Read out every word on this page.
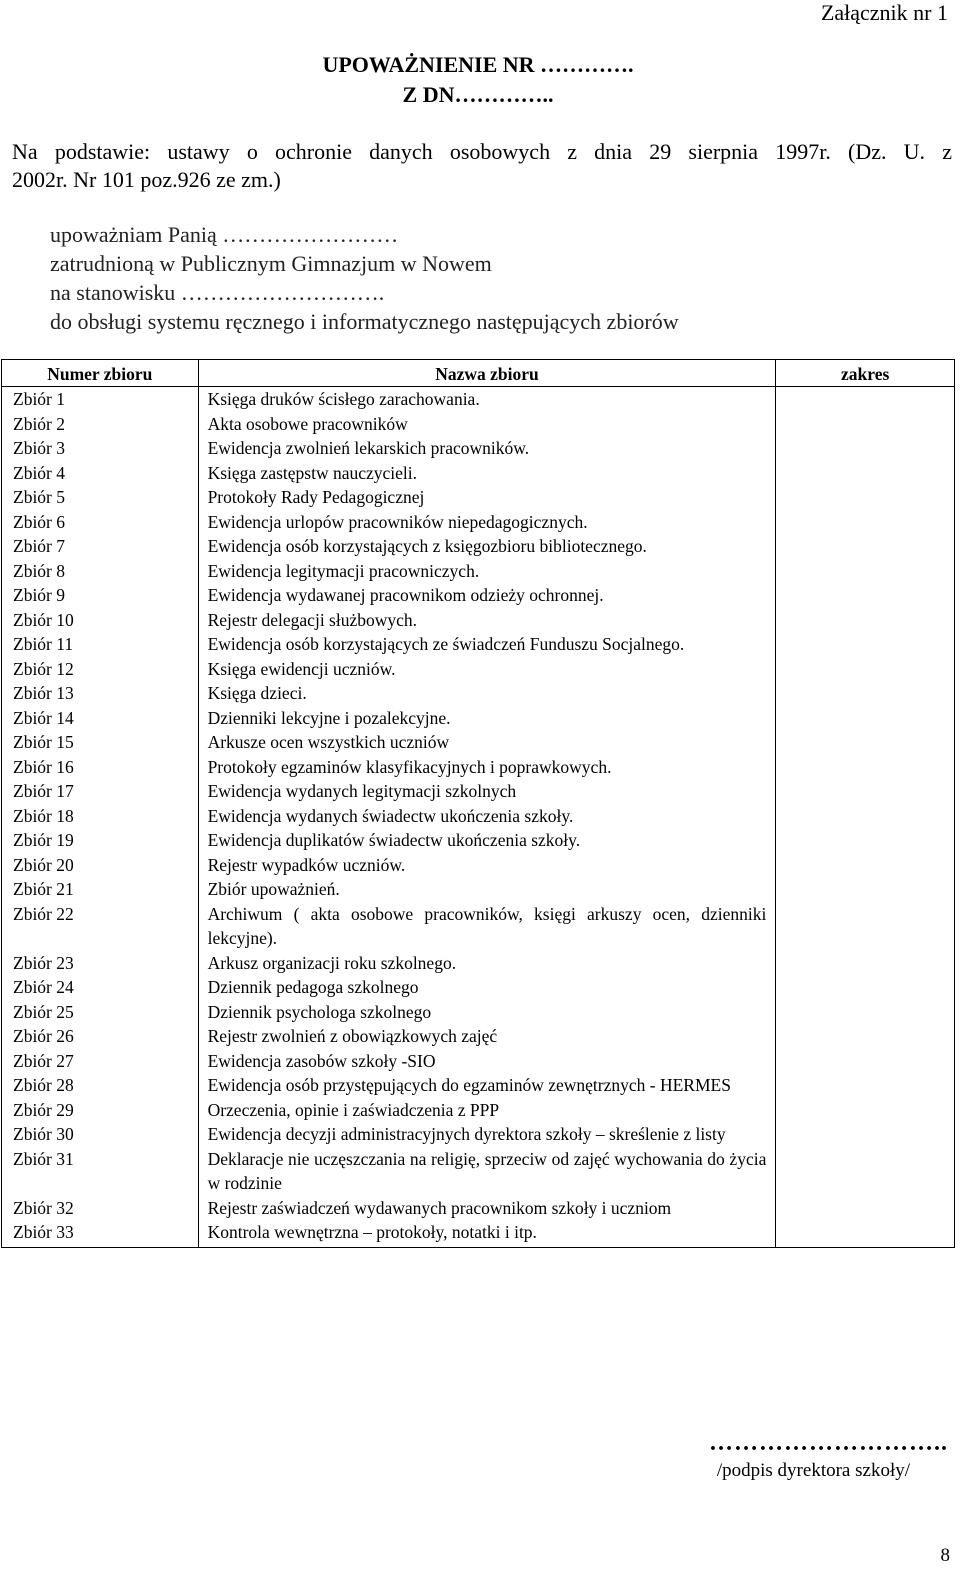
Załącznik nr 1
UPOWAŻNIENIE NR ………….
Z DN…………..
Na podstawie: ustawy o ochronie danych osobowych z dnia 29 sierpnia 1997r. (Dz. U. z
2002r. Nr 101 poz.926 ze zm.)
upoważniam Panią ……………………
zatrudnioną w Publicznym Gimnazjum w Nowem
na stanowisku ……………………….
do obsługi systemu ręcznego i informatycznego następujących zbiorów
Numer zbioru	Nazwa zbioru	zakres
Zbiór 1	Księga druków ścisłego zarachowania.	
Zbiór 2	Akta osobowe pracowników	
Zbiór 3	Ewidencja zwolnień lekarskich pracowników.	
Zbiór 4	Księga zastępstw nauczycieli.	
Zbiór 5	Protokoły Rady Pedagogicznej	
Zbiór 6	Ewidencja urlopów pracowników niepedagogicznych.	
Zbiór 7	Ewidencja osób korzystających z księgozbioru bibliotecznego.	
Zbiór 8	Ewidencja legitymacji pracowniczych.	
Zbiór 9	Ewidencja wydawanej pracownikom odzieży ochronnej.	
Zbiór 10	Rejestr delegacji służbowych.	
Zbiór 11	Ewidencja osób korzystających ze świadczeń Funduszu Socjalnego.	
Zbiór 12	Księga ewidencji uczniów.	
Zbiór 13	Księga dzieci.	
Zbiór 14	Dzienniki lekcyjne i pozalekcyjne.	
Zbiór 15	Arkusze ocen wszystkich uczniów	
Zbiór 16	Protokoły egzaminów klasyfikacyjnych i poprawkowych.	
Zbiór 17	Ewidencja wydanych legitymacji szkolnych	
Zbiór 18	Ewidencja wydanych świadectw ukończenia szkoły.	
Zbiór 19	Ewidencja duplikatów świadectw ukończenia szkoły.	
Zbiór 20	Rejestr wypadków uczniów.	
Zbiór 21	Zbiór upoważnień.	
Zbiór 22	Archiwum ( akta osobowe pracowników, księgi arkuszy ocen, dzienniki lekcyjne).	
Zbiór 23	Arkusz organizacji roku szkolnego.	
Zbiór 24	Dziennik pedagoga szkolnego	
Zbiór 25	Dziennik psychologa szkolnego	
Zbiór 26	Rejestr zwolnień z obowiązkowych zajęć	
Zbiór 27	Ewidencja zasobów szkoły -SIO	
Zbiór 28	Ewidencja osób przystępujących do egzaminów zewnętrznych - HERMES	
Zbiór 29	Orzeczenia, opinie i zaświadczenia z PPP	
Zbiór 30	Ewidencja decyzji administracyjnych dyrektora szkoły – skreślenie z listy	
Zbiór 31	Deklaracje nie uczęszczania na religię, sprzeciw od zajęć wychowania do życia w rodzinie	
Zbiór 32	Rejestr zaświadczeń wydawanych pracownikom szkoły i uczniom	
Zbiór 33	Kontrola wewnętrzna – protokoły, notatki i itp.	
………………………..
/podpis dyrektora szkoły/
8
